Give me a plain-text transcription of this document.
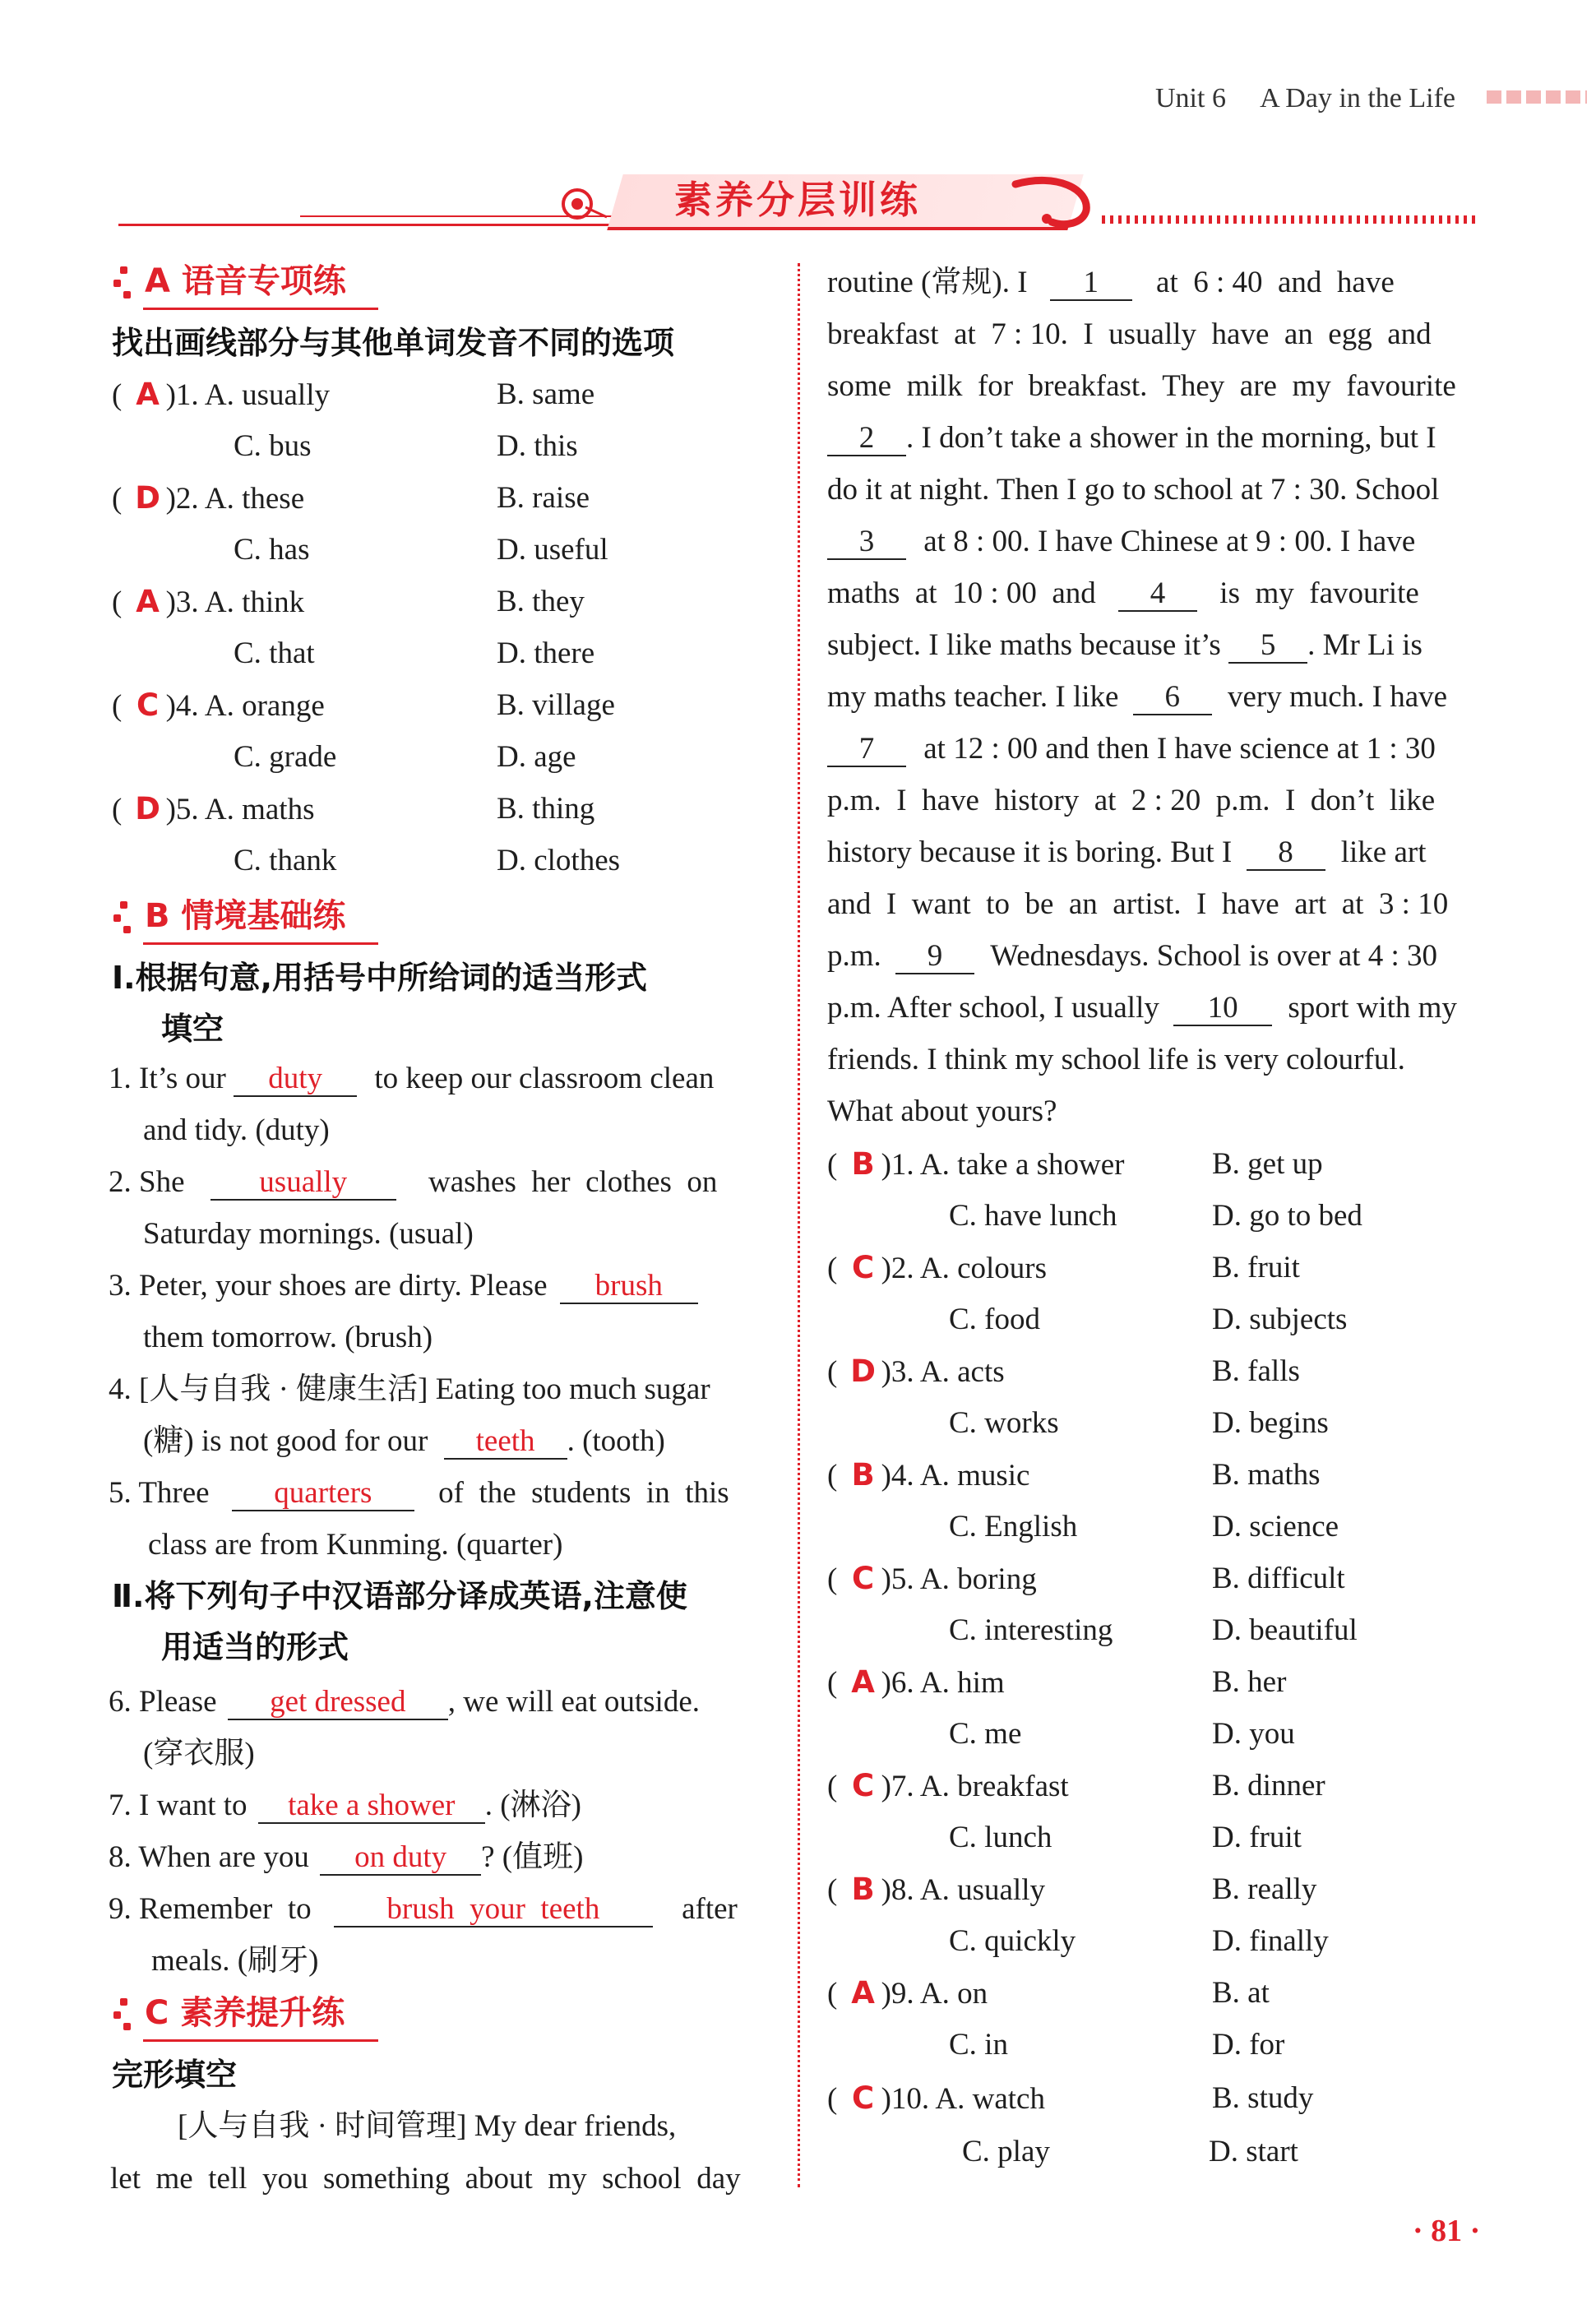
Unit 6 A Day in the Life
素养分层训练
A 语音专项练
找出画线部分与其他单词发音不同的选项
( A )1. A. usually	B. same
C. bus	D. this
( D )2. A. these	B. raise
C. has	D. useful
( A )3. A. think	B. they
C. that	D. there
( C )4. A. orange	B. village
C. grade	D. age
( D )5. A. maths	B. thing
C. thank	D. clothes
B 情境基础练
Ⅰ.根据句意,用括号中所给词的适当形式
填空
1. It’s our duty to keep our classroom clean
and tidy. (duty)
2. She usually	washes  her  clothes  on
Saturday mornings. (usual)
3. Peter, your shoes are dirty. Please brush
them tomorrow. (brush)
4. [人与自我 · 健康生活] Eating too much sugar
(糖) is not good for our teeth . (tooth)
5. Three quarters of  the  students  in  this
class are from Kunming. (quarter)
Ⅱ.将下列句子中汉语部分译成英语,注意使
用适当的形式
6. Please get dressed , we will eat outside.
(穿衣服)
7. I want to take a shower . (淋浴)
8. When are you on duty ? (值班)
9. Remember  to brush  your  teeth	after
meals. (刷牙)
C 素养提升练
完形填空
[人与自我 · 时间管理] My dear friends,
let  me  tell  you  something  about  my  school  day
routine (常规). I 1 at  6 : 40  and  have
breakfast  at  7 : 10.  I  usually  have  an  egg  and
some  milk  for  breakfast.  They  are  my  favourite
2 . I don’t take a shower in the morning, but I
do it at night. Then I go to school at 7 : 30. School
3 at 8 : 00. I have Chinese at 9 : 00. I have
maths  at  10 : 00  and 4 is  my  favourite
subject. I like maths because it’s 5 . Mr Li is
my maths teacher. I like 6 very much. I have
7 at 12 : 00 and then I have science at 1 : 30
p.m.  I  have  history  at  2 : 20  p.m.  I  don’t  like
history because it is boring. But I 8 like art
and  I  want  to  be  an  artist.  I  have  art  at  3 : 10
p.m. 9 Wednesdays. School is over at 4 : 30
p.m. After school, I usually 10 sport with my
friends. I think my school life is very colourful.
What about yours?
( B )1. A. take a shower	B. get up
C. have lunch	D. go to bed
( C )2. A. colours	B. fruit
C. food	D. subjects
( D )3. A. acts	B. falls
C. works	D. begins
( B )4. A. music	B. maths
C. English	D. science
( C )5. A. boring	B. difficult
C. interesting	D. beautiful
( A )6. A. him	B. her
C. me	D. you
( C )7. A. breakfast	B. dinner
C. lunch	D. fruit
( B )8. A. usually	B. really
C. quickly	D. finally
( A )9. A. on	B. at
C. in	D. for
( C )10. A. watch	B. study
C. play	D. start
· 81 ·
